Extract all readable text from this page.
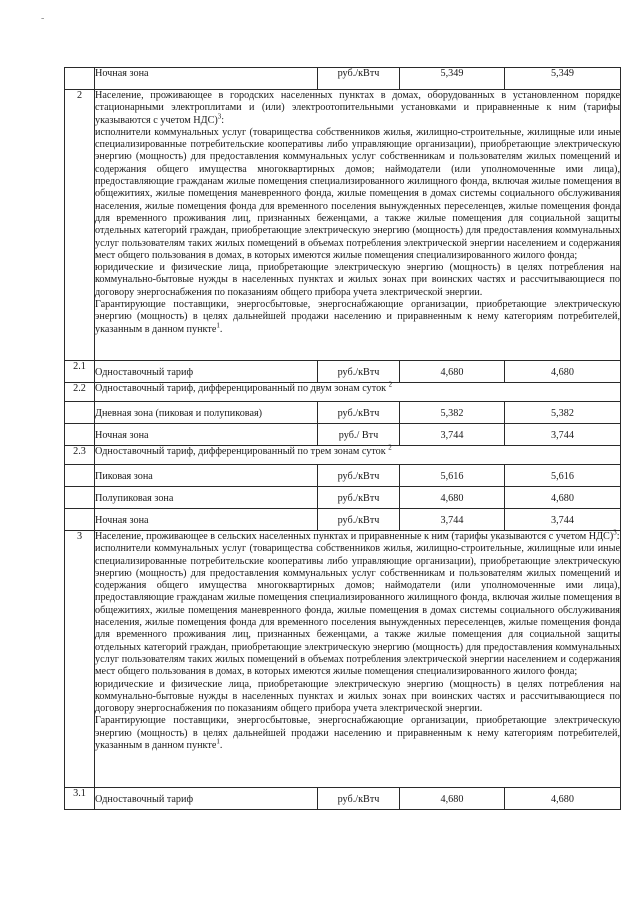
-
	Ночная зона	руб./кВтч	5,349	5,349
2	Население, проживающее в городских населенных пунктах в домах, оборудованных в установленном порядке стационарными электроплитами и (или) электроотопительными установками и приравненные к ним (тарифы указываются с учетом НДС)$^3$:

исполнители коммунальных услуг (товарищества собственников жилья, жилищно-строительные, жилищные или иные специализированные потребительские кооперативы либо управляющие организации), приобретающие электрическую энергию (мощность) для предоставления коммунальных услуг собственникам и пользователям жилых помещений и содержания общего имущества многоквартирных домов; наймодатели (или уполномоченные ими лица), предоставляющие гражданам жилые помещения специализированного жилищного фонда, включая жилые помещения в общежитиях, жилые помещения маневренного фонда, жилые помещения в домах системы социального обслуживания населения, жилые помещения фонда для временного поселения вынужденных переселенцев, жилые помещения фонда для временного проживания лиц, признанных беженцами, а также жилые помещения для социальной защиты отдельных категорий граждан, приобретающие электрическую энергию (мощность) для предоставления коммунальных услуг пользователям таких жилых помещений в объемах потребления электрической энергии населением и содержания мест общего пользования в домах, в которых имеются жилые помещения специализированного жилого фонда;

юридические и физические лица, приобретающие электрическую энергию (мощность) в целях потребления на коммунально-бытовые нужды в населенных пунктах и жилых зонах при воинских частях и рассчитывающиеся по договору энергоснабжения по показаниям общего прибора учета электрической энергии.

Гарантирующие поставщики, энергосбытовые, энергоснабжающие организации, приобретающие электрическую энергию (мощность) в целях дальнейшей продажи населению и приравненным к нему категориям потребителей, указанным в данном пункте$^1$.			

2.1	Одноставочный тариф	руб./кВтч	4,680	4,680
2.2	Одноставочный тариф, дифференцированный по двум зонам суток $^2$
	Дневная зона (пиковая и полупиковая)	руб./кВтч	5,382	5,382
	Ночная зона	руб./ Втч	3,744	3,744
2.3	Одноставочный тариф, дифференцированный по трем зонам суток $^2$
	Пиковая зона	руб./кВтч	5,616	5,616
	Полупиковая зона	руб./кВтч	4,680	4,680
	Ночная зона	руб./кВтч	3,744	3,744
3	Население, проживающее в сельских населенных пунктах и приравненные к ним (тарифы указываются с учетом НДС)$^3$:

исполнители коммунальных услуг (товарищества собственников жилья, жилищно-строительные, жилищные или иные специализированные потребительские кооперативы либо управляющие организации), приобретающие электрическую энергию (мощность) для предоставления коммунальных услуг собственникам и пользователям жилых помещений и содержания общего имущества многоквартирных домов; наймодатели (или уполномоченные ими лица), предоставляющие гражданам жилые помещения специализированного жилищного фонда, включая жилые помещения в общежитиях, жилые помещения маневренного фонда, жилые помещения в домах системы социального обслуживания населения, жилые помещения фонда для временного поселения вынужденных переселенцев, жилые помещения фонда для временного проживания лиц, признанных беженцами, а также жилые помещения для социальной защиты отдельных категорий граждан, приобретающие электрическую энергию (мощность) для предоставления коммунальных услуг пользователям таких жилых помещений в объемах потребления электрической энергии населением и содержания мест общего пользования в домах, в которых имеются жилые помещения специализированного жилого фонда;

юридические и физические лица, приобретающие электрическую энергию (мощность) в целях потребления на коммунально-бытовые нужды в населенных пунктах и жилых зонах при воинских частях и рассчитывающиеся по договору энергоснабжения по показаниям общего прибора учета электрической энергии.

Гарантирующие поставщики, энергосбытовые, энергоснабжающие организации, приобретающие электрическую энергию (мощность) в целях дальнейшей продажи населению и приравненным к нему категориям потребителей, указанным в данном пункте$^1$.			

3.1	Одноставочный тариф	руб./кВтч	4,680	4,680
